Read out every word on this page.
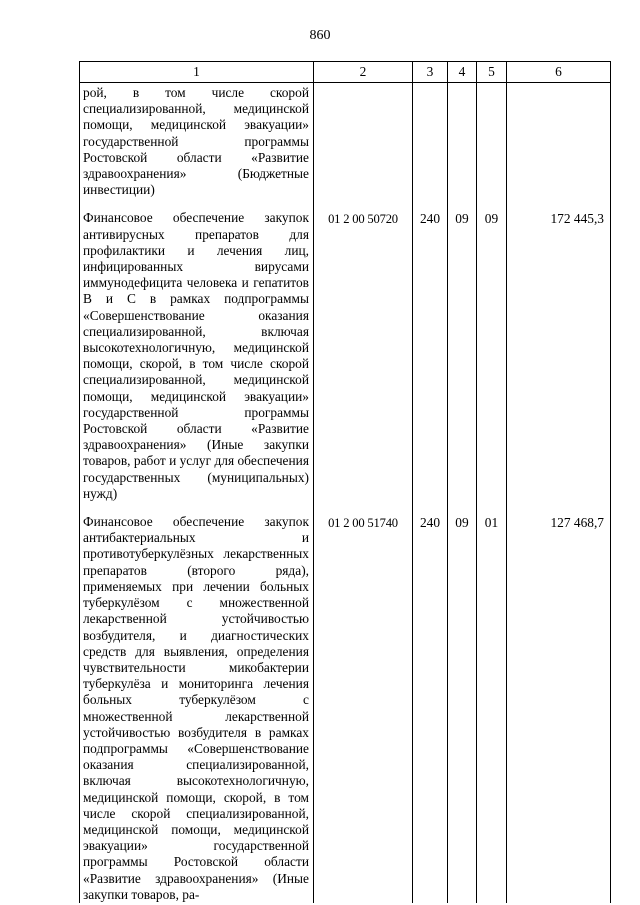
860
1	2	3	4	5	6
рой, в том числе скорой специализированной, медицинской помощи, медицинской эвакуации» государственной программы Ростовской области «Развитие здравоохранения» (Бюджетные инвестиции)					
Финансовое обеспечение закупок антивирусных препаратов для профилактики и лечения лиц, инфицированных вирусами иммунодефицита человека и гепатитов В и С в рамках подпрограммы «Совершенствование оказания специализированной, включая высокотехнологичную, медицинской помощи, скорой, в том числе скорой специализированной, медицинской помощи, медицинской эвакуации» государственной программы Ростовской области «Развитие здравоохранения» (Иные закупки товаров, работ и услуг для обеспечения государственных (муниципальных) нужд)	01 2 00 50720	240	09	09	172 445,3
Финансовое обеспечение закупок антибактериальных и противотуберкулёзных лекарственных препаратов (второго ряда), применяемых при лечении больных туберкулёзом с множественной лекарственной устойчивостью возбудителя, и диагностических средств для выявления, определения чувствительности микобактерии туберкулёза и мониторинга лечения больных туберкулёзом с множественной лекарственной устойчивостью возбудителя в рамках подпрограммы «Совершенствование оказания специализированной, включая высокотехнологичную, медицинской помощи, скорой, в том числе скорой специализированной, медицинской помощи, медицинской эвакуации» государственной программы Ростовской области «Развитие здравоохранения» (Иные закупки товаров, ра-	01 2 00 51740	240	09	01	127 468,7
